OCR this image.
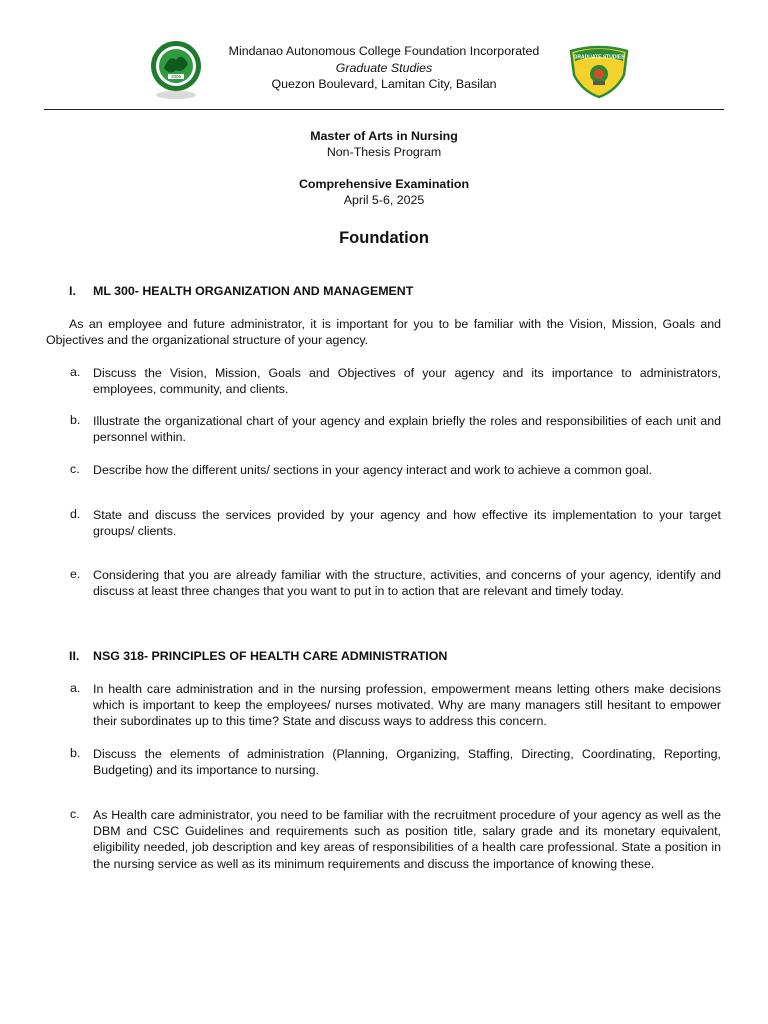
2006
GRADUATE STUDIES
Mindanao Autonomous College Foundation Incorporated
Graduate Studies
Quezon Boulevard, Lamitan City, Basilan
Master of Arts in Nursing
Non-Thesis Program
Comprehensive Examination
April 5-6, 2025
Foundation
I. ML 300- HEALTH ORGANIZATION AND MANAGEMENT
As an employee and future administrator, it is important for you to be familiar with the Vision, Mission, Goals and Objectives and the organizational structure of your agency.
a. Discuss the Vision, Mission, Goals and Objectives of your agency and its importance to administrators, employees, community, and clients.
b. Illustrate the organizational chart of your agency and explain briefly the roles and responsibilities of each unit and personnel within.
c. Describe how the different units/ sections in your agency interact and work to achieve a common goal.
d. State and discuss the services provided by your agency and how effective its implementation to your target groups/ clients.
e. Considering that you are already familiar with the structure, activities, and concerns of your agency, identify and discuss at least three changes that you want to put in to action that are relevant and timely today.
II. NSG 318- PRINCIPLES OF HEALTH CARE ADMINISTRATION
a. In health care administration and in the nursing profession, empowerment means letting others make decisions which is important to keep the employees/ nurses motivated. Why are many managers still hesitant to empower their subordinates up to this time? State and discuss ways to address this concern.
b. Discuss the elements of administration (Planning, Organizing, Staffing, Directing, Coordinating, Reporting, Budgeting) and its importance to nursing.
c. As Health care administrator, you need to be familiar with the recruitment procedure of your agency as well as the DBM and CSC Guidelines and requirements such as position title, salary grade and its monetary equivalent, eligibility needed, job description and key areas of responsibilities of a health care professional. State a position in the nursing service as well as its minimum requirements and discuss the importance of knowing these.
